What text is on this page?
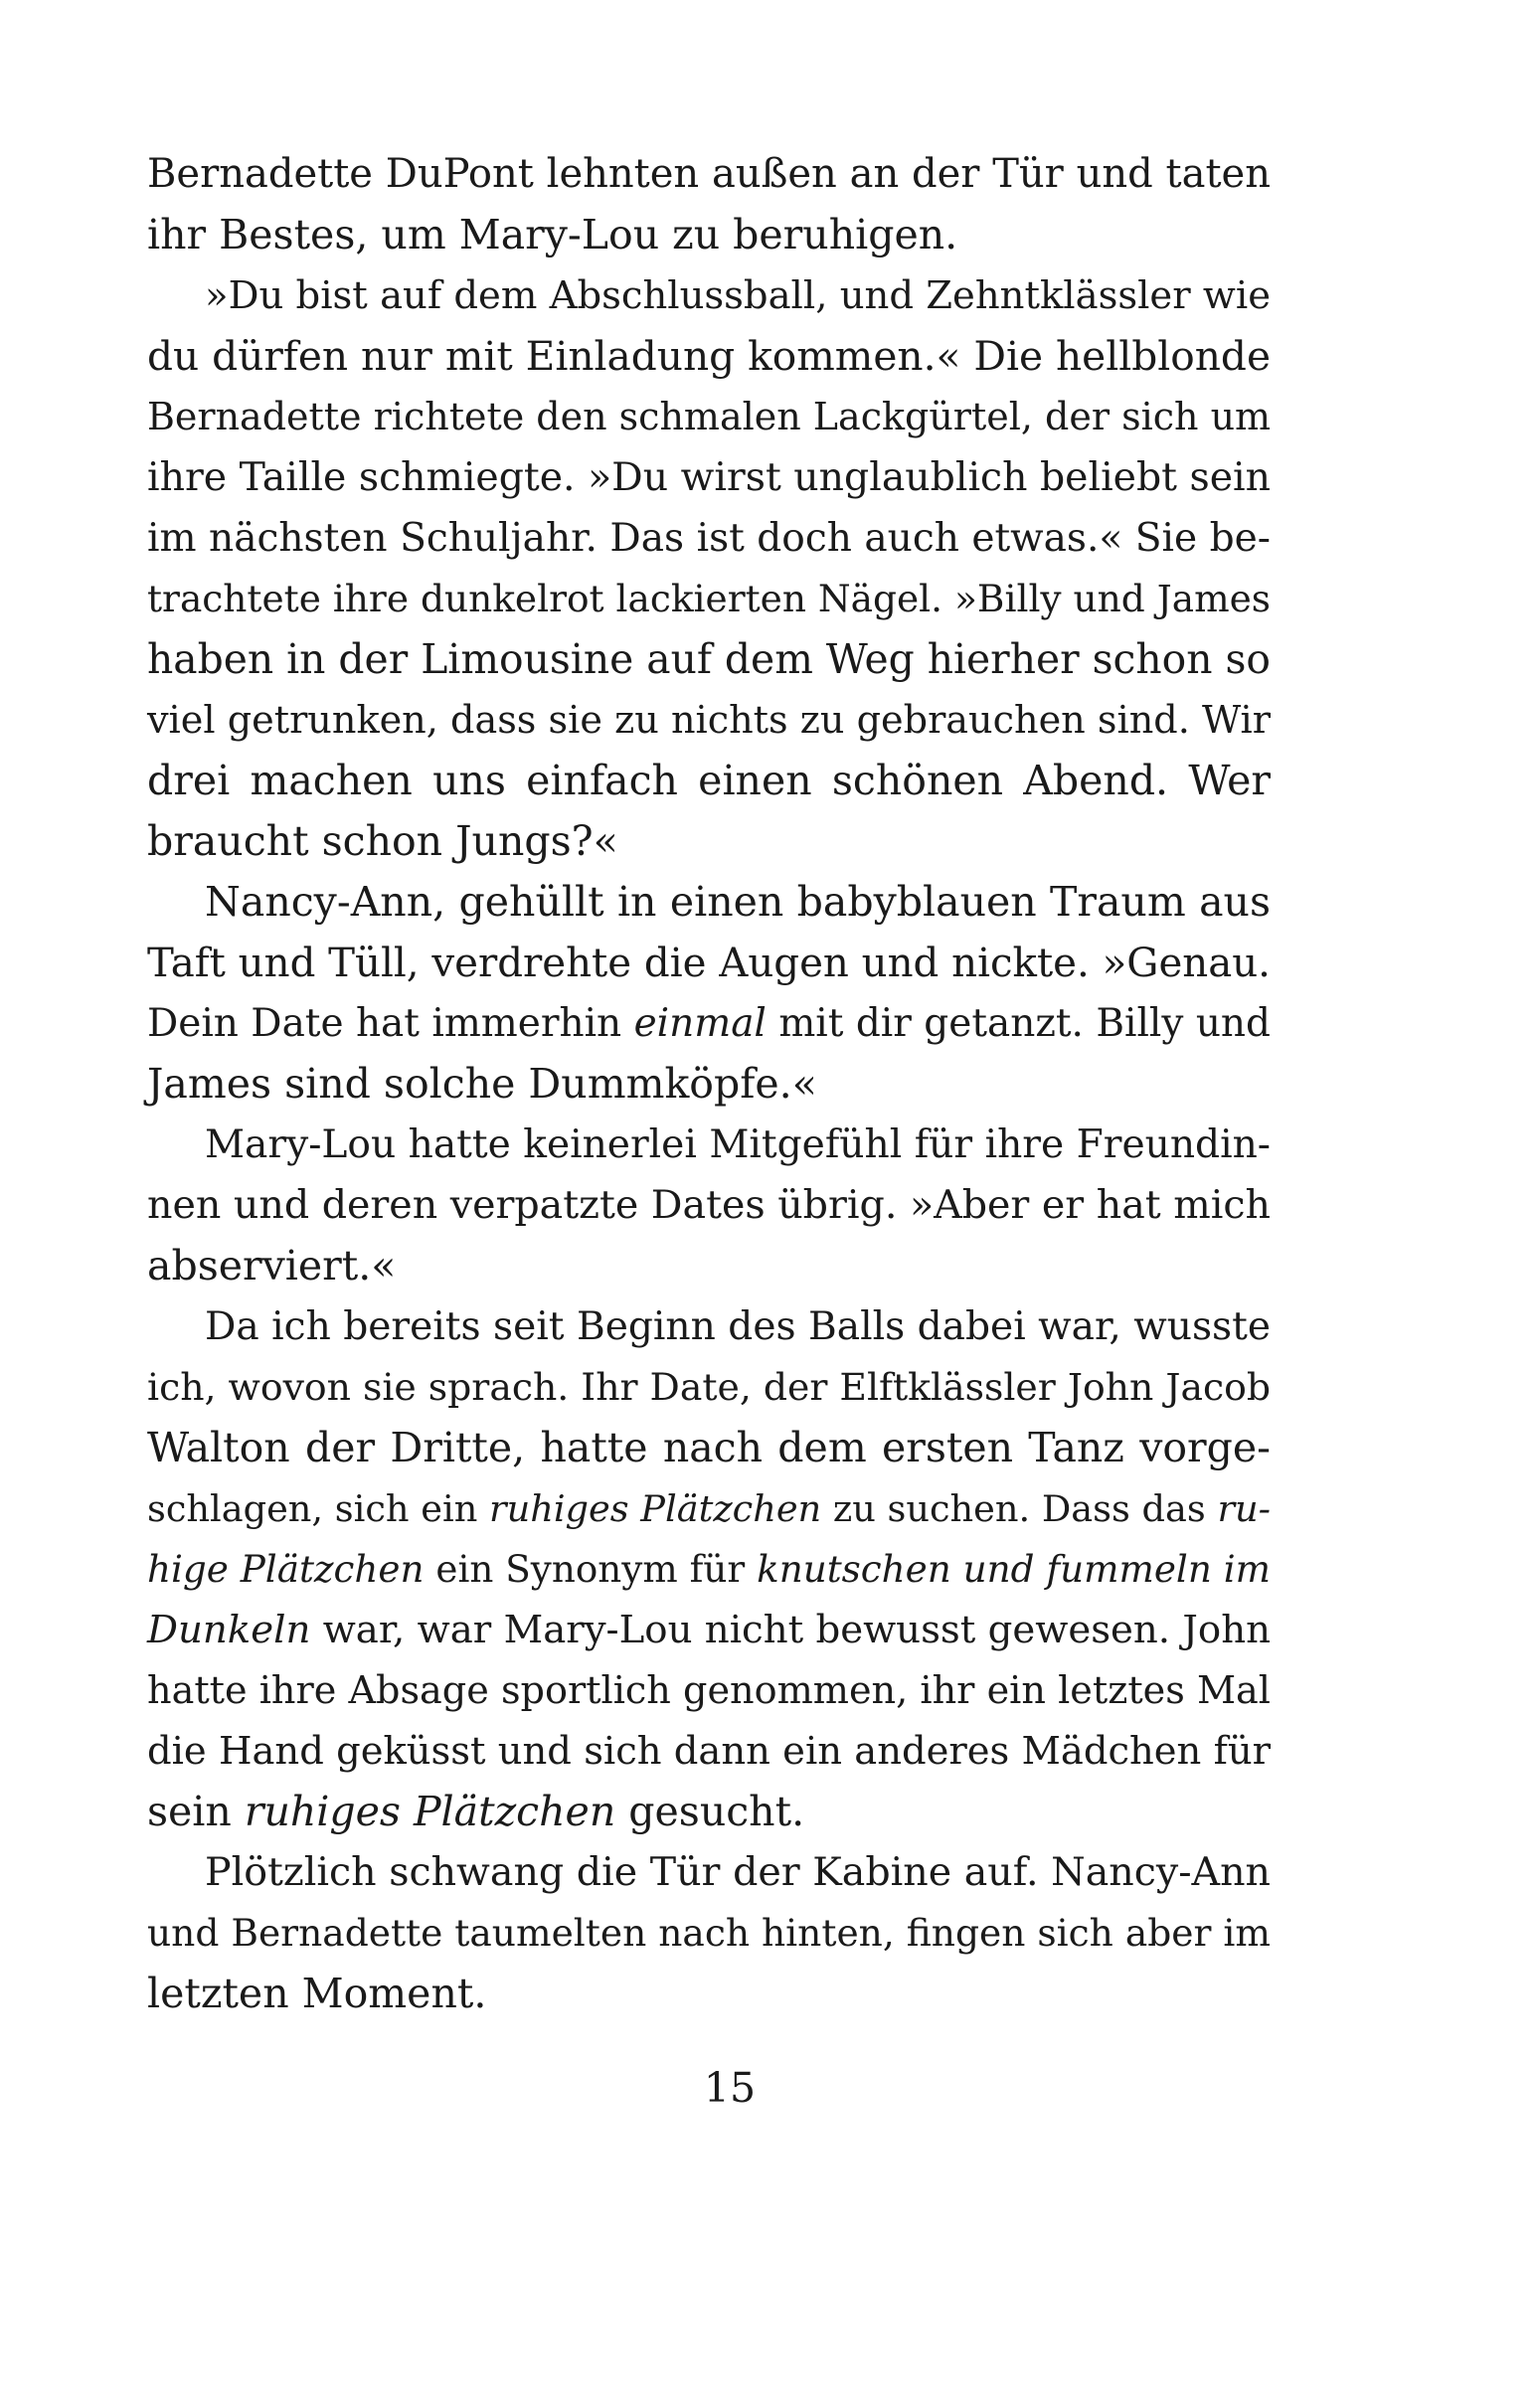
Bernadette DuPont lehnten außen an der Tür und taten
ihr Bestes, um Mary-Lou zu beruhigen.
»Du bist auf dem Abschlussball, und Zehntklässler wie
du dürfen nur mit Einladung kommen.« Die hellblonde
Bernadette richtete den schmalen Lackgürtel, der sich um
ihre Taille schmiegte. »Du wirst unglaublich beliebt sein
im nächsten Schuljahr. Das ist doch auch etwas.« Sie be-
trachtete ihre dunkelrot lackierten Nägel. »Billy und James
haben in der Limousine auf dem Weg hierher schon so
viel getrunken, dass sie zu nichts zu gebrauchen sind. Wir
drei machen uns einfach einen schönen Abend. Wer
braucht schon Jungs?«
Nancy-Ann, gehüllt in einen babyblauen Traum aus
Taft und Tüll, verdrehte die Augen und nickte. »Genau.
Dein Date hat immerhin einmal mit dir getanzt. Billy und
James sind solche Dummköpfe.«
Mary-Lou hatte keinerlei Mitgefühl für ihre Freundin-
nen und deren verpatzte Dates übrig. »Aber er hat mich
abserviert.«
Da ich bereits seit Beginn des Balls dabei war, wusste
ich, wovon sie sprach. Ihr Date, der Elftklässler John Jacob
Walton der Dritte, hatte nach dem ersten Tanz vorge-
schlagen, sich ein ruhiges Plätzchen zu suchen. Dass das ru-
hige Plätzchen ein Synonym für knutschen und fummeln im
Dunkeln war, war Mary-Lou nicht bewusst gewesen. John
hatte ihre Absage sportlich genommen, ihr ein letztes Mal
die Hand geküsst und sich dann ein anderes Mädchen für
sein ruhiges Plätzchen gesucht.
Plötzlich schwang die Tür der Kabine auf. Nancy-Ann
und Bernadette taumelten nach hinten, fingen sich aber im
letzten Moment.
15
